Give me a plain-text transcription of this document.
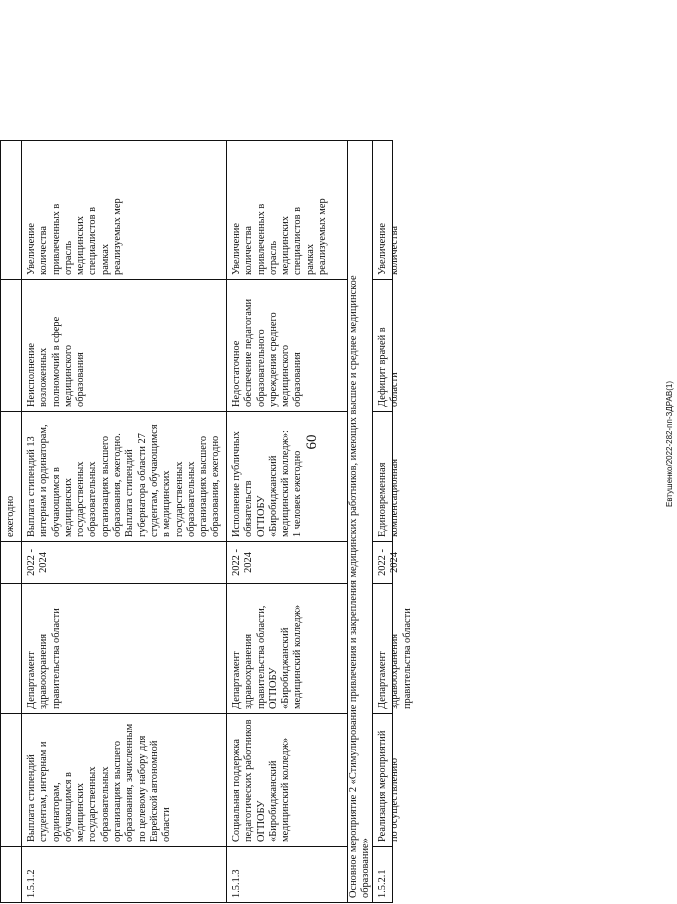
60	Евтушенко/2022-282-пп-ЗДРАВ(1)
ежегодно
1.5.1.2
Выплата стипендий
студентам, интернам и
ординаторам,
обучающимся в
медицинских
государственных
образовательных
организациях высшего
образования, зачисленным
по целевому набору для
Еврейской автономной
области
Департамент здравоохранения
правительства области
2022 -
2024
Выплата стипендий 13
интернам и ординаторам,
обучающимся в
медицинских
государственных
образовательных
организациях высшего
образования, ежегодно.
Выплата стипендий
губернатора области 27
студентам, обучающимся
в медицинских
государственных
образовательных
организациях высшего
образования, ежегодно
Неисполнение
возложенных
полномочий в сфере
медицинского
образования
Увеличение
количества
привлеченных в
отрасль
медицинских
специалистов в
рамках
реализуемых мер
1.5.1.3
Социальная поддержка
педагогических работников
ОГПОБУ
«Биробиджанский
медицинский колледж»
Департамент здравоохранения
правительства области,
ОГПОБУ «Биробиджанский
медицинский колледж»
2022 -
2024
Исполнение публичных
обязательств
ОГПОБУ
«Биробиджанский
медицинский колледж»:
1 человек ежегодно
Недостаточное
обеспечение педагогами
образовательного
учреждения среднего
медицинского
образования
Увеличение
количества
привлеченных в
отрасль
медицинских
специалистов в
рамках
реализуемых мер
Основное мероприятие 2 «Стимулирование привлечения и закрепления медицинских работников, имеющих высшее и среднее медицинское
образование» 1.5.2.1
Реализация мероприятий
по осуществлению
Департамент здравоохранения
правительства области
2022 -
2024
Единовременная
компенсационная
Дефицит врачей в
области
Увеличение
количества
